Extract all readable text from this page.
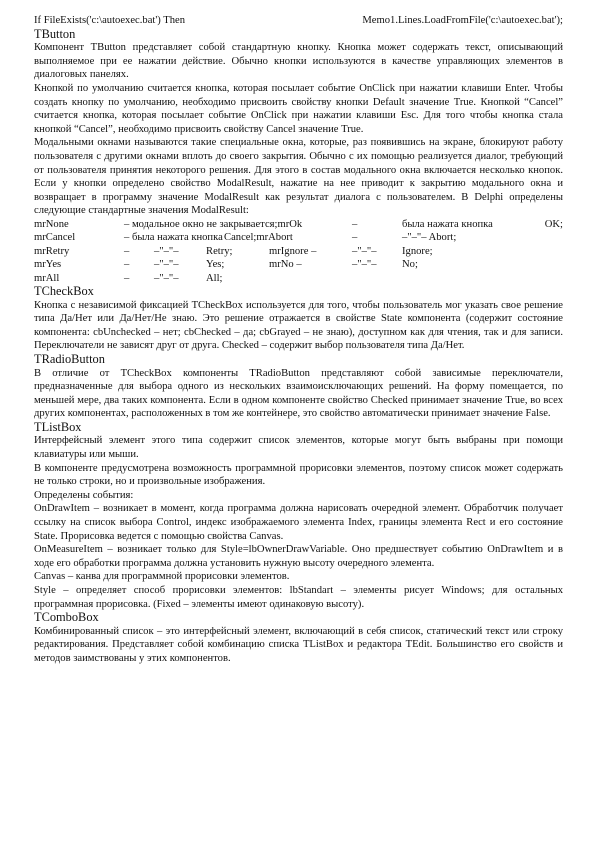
If FileExists('c:\autoexec.bat') Then	Memo1.Lines.LoadFromFile('c:\autoexec.bat');
TButton

Компонент TButton представляет собой стандартную кнопку. Кнопка может содержать текст, описывающий выполняемое при ее нажатии действие. Обычно кнопки используются в качестве управляющих элементов в диалоговых панелях.

Кнопкой по умолчанию считается кнопка, которая посылает событие OnClick при нажатии клавиши Enter. Чтобы создать кнопку по умолчанию, необходимо присвоить свойству кнопки Default значение True. Кнопкой “Cancel” считается кнопка, которая посылает событие OnClick при нажатии клавиши Esc. Для того чтобы кнопка стала кнопкой “Cancel”, необходимо присвоить свойству Cancel значение True.

Модальными окнами называются такие специальные окна, которые, раз появившись на экране, блокируют работу пользователя с другими окнами вплоть до своего закрытия. Обычно с их помощью реализуется диалог, требующий от пользователя принятия некоторого решения. Для этого в состав модального окна включается несколько кнопок. Если у кнопки определено свойство ModalResult, нажатие на нее приводит к закрытию модального окна и возвращает в программу значение ModalResult как результат диалога с пользователем. В Delphi определены следующие стандартные значения ModalResult:

mrNone	– модальное окно не закрывается;mrOk				–	была нажата кнопка OK;

mrCancel	– была нажата кнопка		Cancel;mrAbort		–	–"–"– Abort;
mrRetry	–	–"–"–	Retry;	mrIgnore –	–"–"–	Ignore;
mrYes	–	–"–"–	Yes;	mrNo –	–"–"–	No;
mrAll	–	–"–"–	All;			
TCheckBox

Кнопка с независимой фиксацией TCheckBox используется для того, чтобы пользователь мог указать свое решение типа Да/Нет или Да/Нет/Не знаю. Это решение отражается в свойстве State компонента (содержит состояние компонента: cbUnchecked – нет; cbChecked – да; cbGrayed – не знаю), доступном как для чтения, так и для записи. Переключатели не зависят друг от друга. Checked – содержит выбор пользователя типа Да/Нет.

TRadioButton

В отличие от TCheckBox компоненты TRadioButton представляют собой зависимые переключатели, предназначенные для выбора одного из нескольких взаимоисключающих решений. На форму помещается, по меньшей мере, два таких компонента. Если в одном компоненте свойство Checked принимает значение True, во всех других компонентах, расположенных в том же контейнере, это свойство автоматически принимает значение False.

TListBox

Интерфейсный элемент этого типа содержит список элементов, которые могут быть выбраны при помощи клавиатуры или мыши.

В компоненте предусмотрена возможность программной прорисовки элементов, поэтому список может содержать не только строки, но и произвольные изображения.

Определены события:

OnDrawItem – возникает в момент, когда программа должна нарисовать очередной элемент. Обработчик получает ссылку на список выбора Control, индекс изображаемого элемента Index, границы элемента Rect и его состояние State. Прорисовка ведется с помощью свойства Canvas.

OnMeasureItem – возникает только для Style=lbOwnerDrawVariable. Оно предшествует событию OnDrawItem и в ходе его обработки программа должна установить нужную высоту очередного элемента.

Canvas – канва для программной прорисовки элементов.

Style – определяет способ прорисовки элементов: lbStandart – элементы рисует Windows; для остальных программная прорисовка. (Fixed – элементы имеют одинаковую высоту).

TComboBox

Комбинированный список – это интерфейсный элемент, включающий в себя список, статический текст или строку редактирования. Представляет собой комбинацию списка TListBox и редактора TEdit. Большинство его свойств и методов заимствованы у этих компонентов.
